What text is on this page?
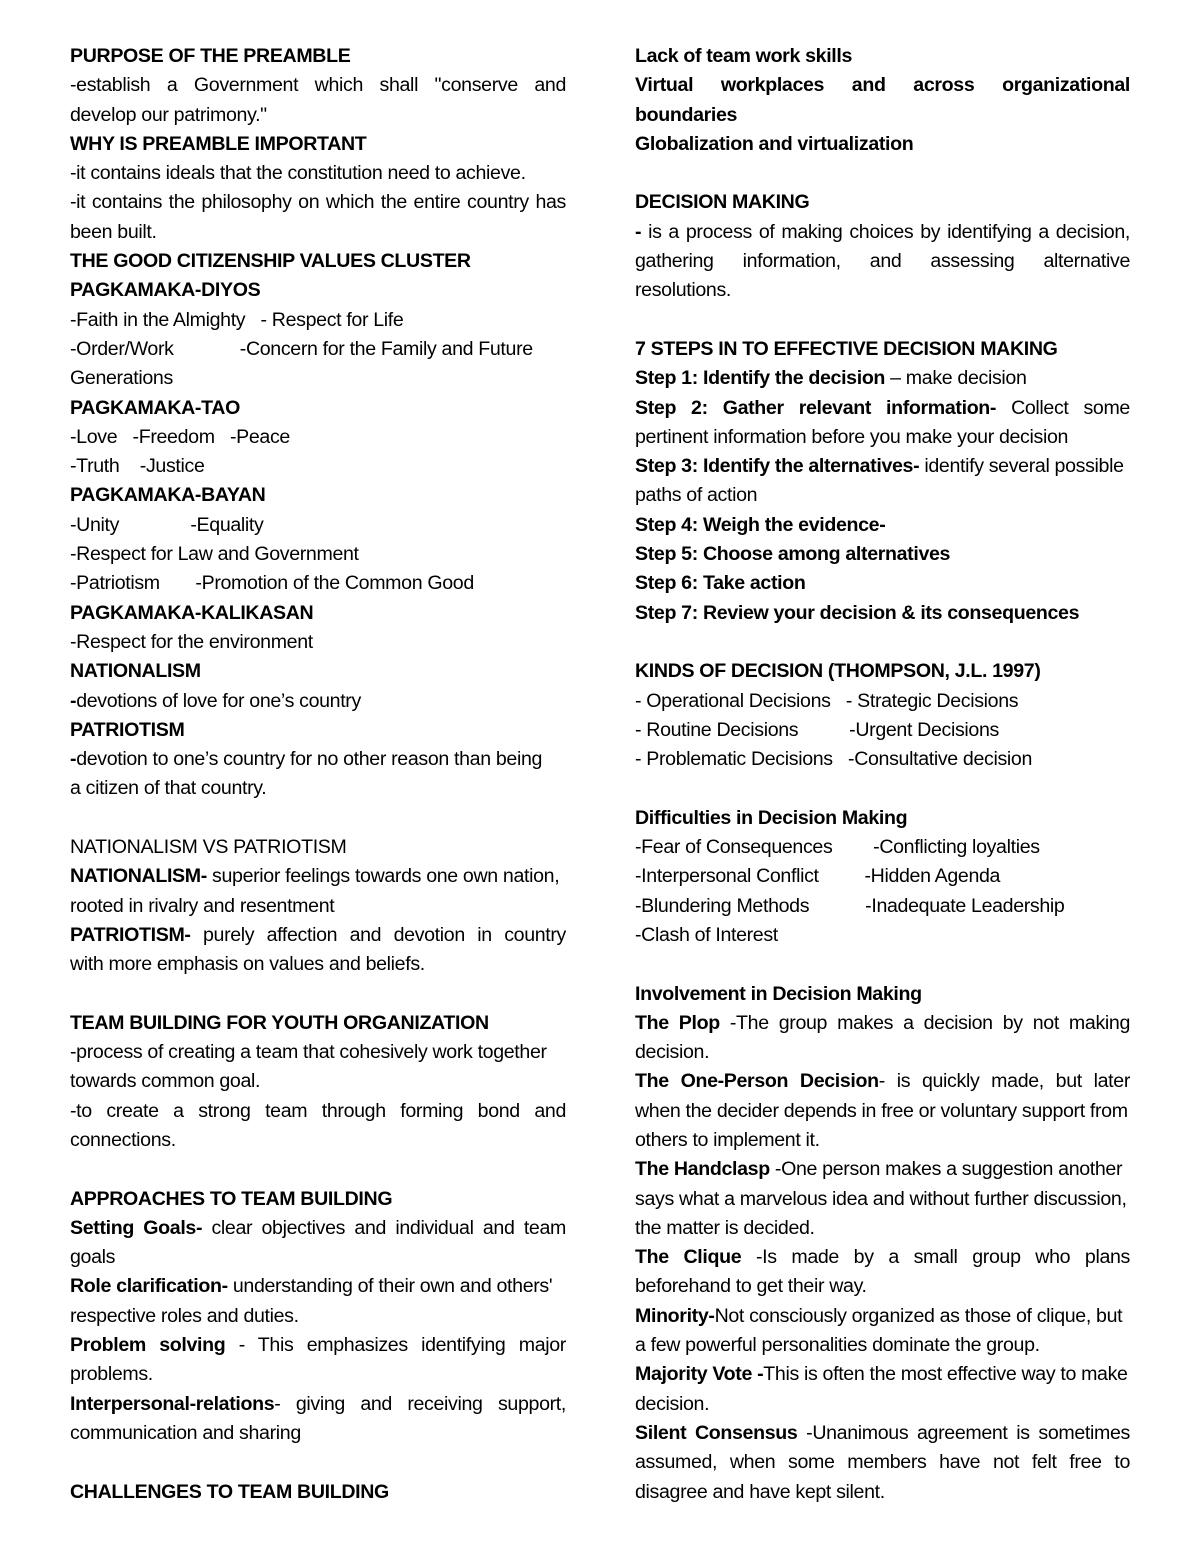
PURPOSE OF THE PREAMBLE
-establish a Government which shall "conserve and
develop our patrimony."
WHY IS PREAMBLE IMPORTANT
-it contains ideals that the constitution need to achieve.
-it contains the philosophy on which the entire country has
been built.
THE GOOD CITIZENSHIP VALUES CLUSTER
PAGKAMAKA-DIYOS
-Faith in the Almighty   - Respect for Life
-Order/Work             -Concern for the Family and Future
Generations
PAGKAMAKA-TAO
-Love   -Freedom   -Peace
-Truth    -Justice
PAGKAMAKA-BAYAN
-Unity              -Equality
-Respect for Law and Government
-Patriotism       -Promotion of the Common Good
PAGKAMAKA-KALIKASAN
-Respect for the environment
NATIONALISM
-devotions of love for one’s country
PATRIOTISM
-devotion to one’s country for no other reason than being
a citizen of that country.
NATIONALISM VS PATRIOTISM
NATIONALISM- superior feelings towards one own nation,
rooted in rivalry and resentment
PATRIOTISM- purely affection and devotion in country
with more emphasis on values and beliefs.
TEAM BUILDING FOR YOUTH ORGANIZATION
-process of creating a team that cohesively work together
towards common goal.
-to create a strong team through forming bond and
connections.
APPROACHES TO TEAM BUILDING
Setting Goals- clear objectives and individual and team
goals
Role clarification- understanding of their own and others'
respective roles and duties.
Problem solving - This emphasizes identifying major
problems.
Interpersonal-relations- giving and receiving support,
communication and sharing
CHALLENGES TO TEAM BUILDING
Lack of team work skills
Virtual workplaces and across organizational
boundaries
Globalization and virtualization
DECISION MAKING
- is a process of making choices by identifying a decision,
gathering information, and assessing alternative
resolutions.
7 STEPS IN TO EFFECTIVE DECISION MAKING
Step 1: Identify the decision – make decision
Step 2: Gather relevant information- Collect some
pertinent information before you make your decision
Step 3: Identify the alternatives- identify several possible
paths of action
Step 4: Weigh the evidence-
Step 5: Choose among alternatives
Step 6: Take action
Step 7: Review your decision & its consequences
KINDS OF DECISION (THOMPSON, J.L. 1997)
- Operational Decisions   - Strategic Decisions
- Routine Decisions          -Urgent Decisions
- Problematic Decisions   -Consultative decision
Difficulties in Decision Making
-Fear of Consequences        -Conflicting loyalties
-Interpersonal Conflict         -Hidden Agenda
-Blundering Methods           -Inadequate Leadership
-Clash of Interest
Involvement in Decision Making
The Plop -The group makes a decision by not making
decision.
The One-Person Decision- is quickly made, but later
when the decider depends in free or voluntary support from
others to implement it.
The Handclasp -One person makes a suggestion another
says what a marvelous idea and without further discussion,
the matter is decided.
The Clique -Is made by a small group who plans
beforehand to get their way.
Minority-Not consciously organized as those of clique, but
a few powerful personalities dominate the group.
Majority Vote -This is often the most effective way to make
decision.
Silent Consensus -Unanimous agreement is sometimes
assumed, when some members have not felt free to
disagree and have kept silent.
